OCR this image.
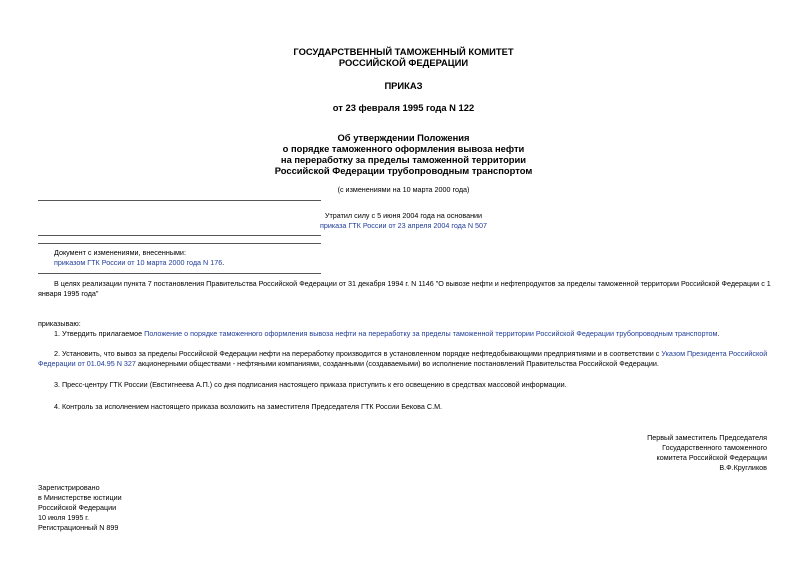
ГОСУДАРСТВЕННЫЙ ТАМОЖЕННЫЙ КОМИТЕТ
РОССИЙСКОЙ ФЕДЕРАЦИИ
ПРИКАЗ
от 23 февраля 1995 года N 122
Об утверждении Положения
о порядке таможенного оформления вывоза нефти
на переработку за пределы таможенной территории
Российской Федерации трубопроводным транспортом
(с изменениями на 10 марта 2000 года)
Утратил силу с 5 июня 2004 года на основании
приказа ГТК России от 23 апреля 2004 года N 507
Документ с изменениями, внесенными:
приказом ГТК России от 10 марта 2000 года N 176.
В целях реализации пункта 7 постановления Правительства Российской Федерации от 31 декабря 1994 г. N 1146 "О вывозе нефти и нефтепродуктов за пределы таможенной территории Российской Федерации с 1 января 1995 года"
приказываю:
1. Утвердить прилагаемое Положение о порядке таможенного оформления вывоза нефти на переработку за пределы таможенной территории Российской Федерации трубопроводным транспортом.
2. Установить, что вывоз за пределы Российской Федерации нефти на переработку производится в установленном порядке нефтедобывающими предприятиями и в соответствии с Указом Президента Российской
Федерации от 01.04.95 N 327 акционерными обществами - нефтяными компаниями, созданными (создаваемыми) во исполнение постановлений Правительства Российской Федерации.
3. Пресс-центру ГТК России (Евстигнеева А.П.) со дня подписания настоящего приказа приступить к его освещению в средствах массовой информации.
4. Контроль за исполнением настоящего приказа возложить на заместителя Председателя ГТК России Бекова С.М.
Первый заместитель Председателя
Государственного таможенного
комитета Российской Федерации
В.Ф.Кругликов
Зарегистрировано
в Министерстве юстиции
Российской Федерации
10 июля 1995 г.
Регистрационный N 899
